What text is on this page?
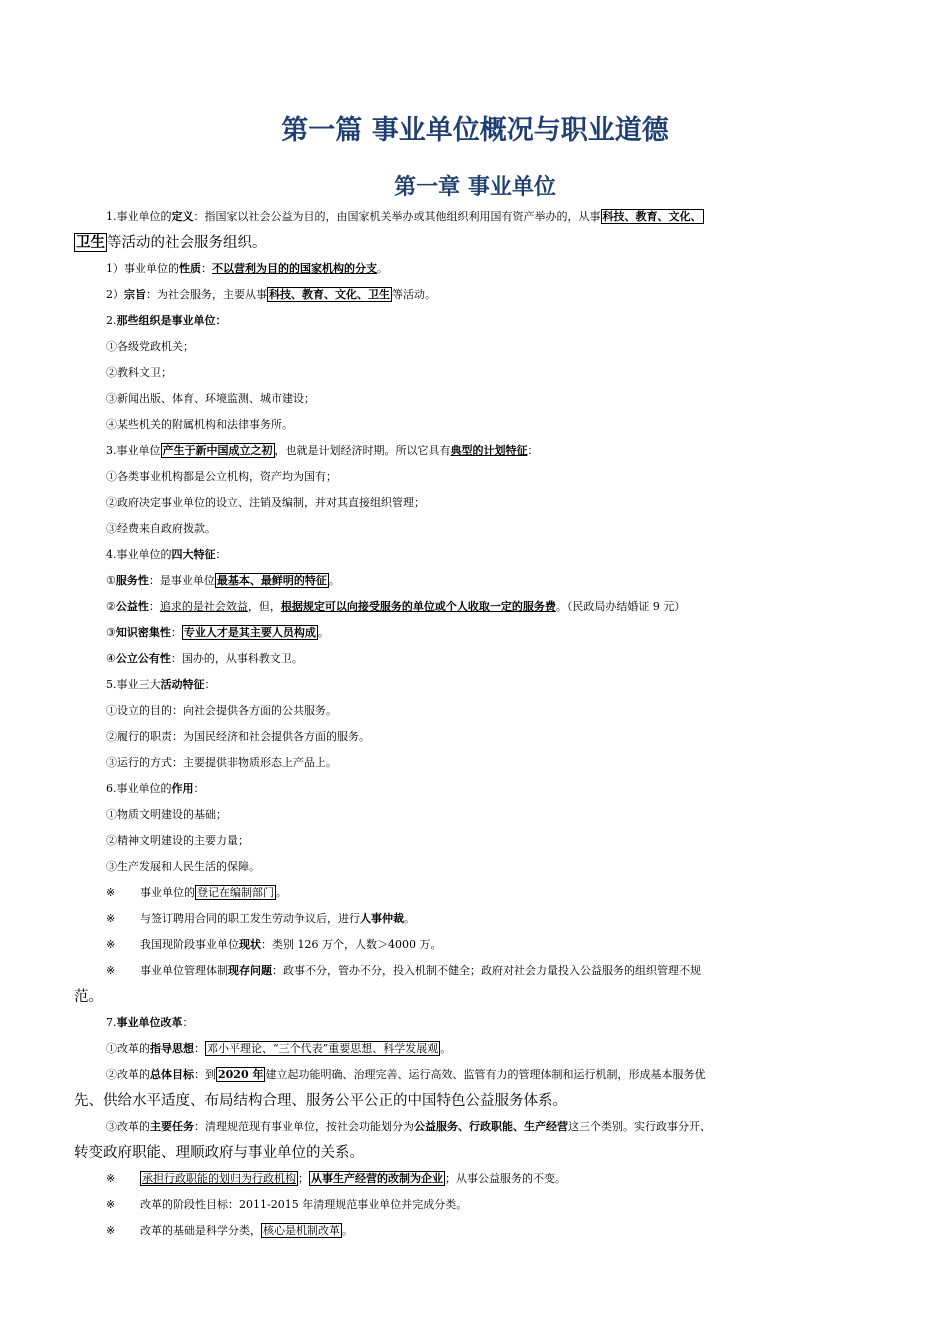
第一篇 事业单位概况与职业道德
第一章 事业单位
1.事业单位的定义：指国家以社会公益为目的，由国家机关举办或其他组织利用国有资产举办的，从事 科技、教育、文化、
卫生 等活动的社会服务组织。
1）事业单位的性质：不以营利为目的的国家机构的分支。
2）宗旨：为社会服务，主要从事 科技、教育、文化、卫生 等活动。
2.那些组织是事业单位：
①各级党政机关；
②教科文卫；
③新闻出版、体育、环境监测、城市建设；
④某些机关的附属机构和法律事务所。
3.事业单位 产生于新中国成立之初 ，也就是计划经济时期。所以它具有典型的计划特征：
①各类事业机构都是公立机构，资产均为国有；
②政府决定事业单位的设立、注销及编制，并对其直接组织管理；
③经费来自政府拨款。
4.事业单位的四大特征：
①服务性：是事业单位 最基本、最鲜明的特征 。
②公益性：追求的是社会效益，但，根据规定可以向接受服务的单位或个人收取一定的服务费。（民政局办结婚证 9 元）
③知识密集性： 专业人才是其主要人员构成 。
④公立公有性：国办的，从事科教文卫。
5.事业三大活动特征：
①设立的目的：向社会提供各方面的公共服务。
②履行的职责：为国民经济和社会提供各方面的服务。
③运行的方式：主要提供非物质形态上产品上。
6.事业单位的作用：
①物质文明建设的基础；
②精神文明建设的主要力量；
③生产发展和人民生活的保障。
※ 事业单位的 登记在编制部门 。
※ 与签订聘用合同的职工发生劳动争议后，进行人事仲裁。
※ 我国现阶段事业单位现状：类别 126 万个，人数＞4000 万。
※ 事业单位管理体制现存问题：政事不分，管办不分，投入机制不健全；政府对社会力量投入公益服务的组织管理不规
范。
7.事业单位改革：
①改革的指导思想： 邓小平理论、“三个代表”重要思想、科学发展观 。
②改革的总体目标：到 2020 年 建立起功能明确、治理完善、运行高效、监管有力的管理体制和运行机制，形成基本服务优
先、供给水平适度、布局结构合理、服务公平公正的中国特色公益服务体系。
③改革的主要任务：清理规范现有事业单位，按社会功能划分为公益服务、行政职能、生产经营这三个类别。实行政事分开、
转变政府职能、理顺政府与事业单位的关系。
※ 承担行政职能的划归为行政机构 ； 从事生产经营的改制为企业 ；从事公益服务的不变。
※ 改革的阶段性目标：2011-2015 年清理规范事业单位并完成分类。
※ 改革的基础是科学分类， 核心是机制改革 。
